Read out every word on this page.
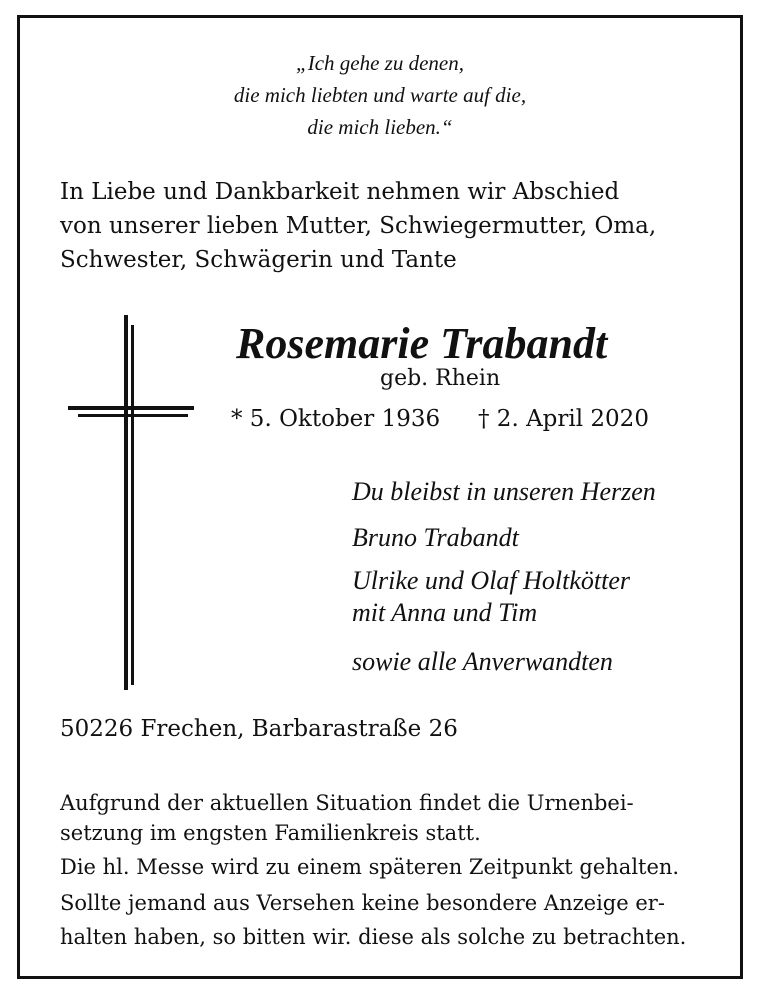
„Ich gehe zu denen,
die mich liebten und warte auf die,
die mich lieben.“
In Liebe und Dankbarkeit nehmen wir Abschied
von unserer lieben Mutter, Schwiegermutter, Oma,
Schwester, Schwägerin und Tante
Rosemarie Trabandt
geb. Rhein
* 5. Oktober 1936 † 2. April 2020
Du bleibst in unseren Herzen
Bruno Trabandt
Ulrike und Olaf Holtkötter
mit Anna und Tim
sowie alle Anverwandten
50226 Frechen, Barbarastraße 26
Aufgrund der aktuellen Situation findet die Urnenbei-
setzung im engsten Familienkreis statt.
Die hl. Messe wird zu einem späteren Zeitpunkt gehalten.
Sollte jemand aus Versehen keine besondere Anzeige er-
halten haben, so bitten wir. diese als solche zu betrachten.
